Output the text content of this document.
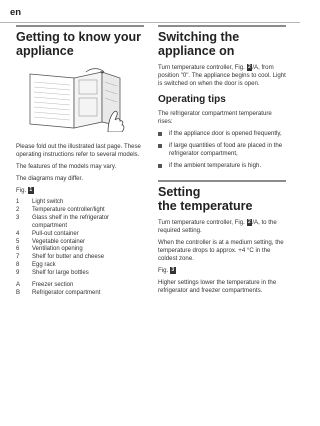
en
Getting to know your appliance

Please fold out the illustrated last page. These operating instructions refer to several models.

The features of the models may vary.

The diagrams may differ.

Fig. 1

1	Light switch
2	Temperature controller/light
3	Glass shelf in the refrigerator compartment
4	Pull-out container
5	Vegetable container
6	Ventilation opening
7	Shelf for butter and cheese
8	Egg rack
9	Shelf for large bottles

A	Freezer section
B	Refrigerator compartment
Switching the appliance on

Turn temperature controller, Fig. 2 /A, from position "0". The appliance begins to cool. Light is switched on when the door is open.

Operating tips

The refrigerator compartment temperature rises:

if the appliance door is opened frequently,
if large quantities of food are placed in the refrigerator compartment,
if the ambient temperature is high.
Setting
the temperature

Turn temperature controller, Fig. 2 /A, to the required setting.

When the controller is at a medium setting, the temperature drops to approx. +4 °C in the coldest zone.

Fig. 3

Higher settings lower the temperature in the refrigerator and freezer compartments.
